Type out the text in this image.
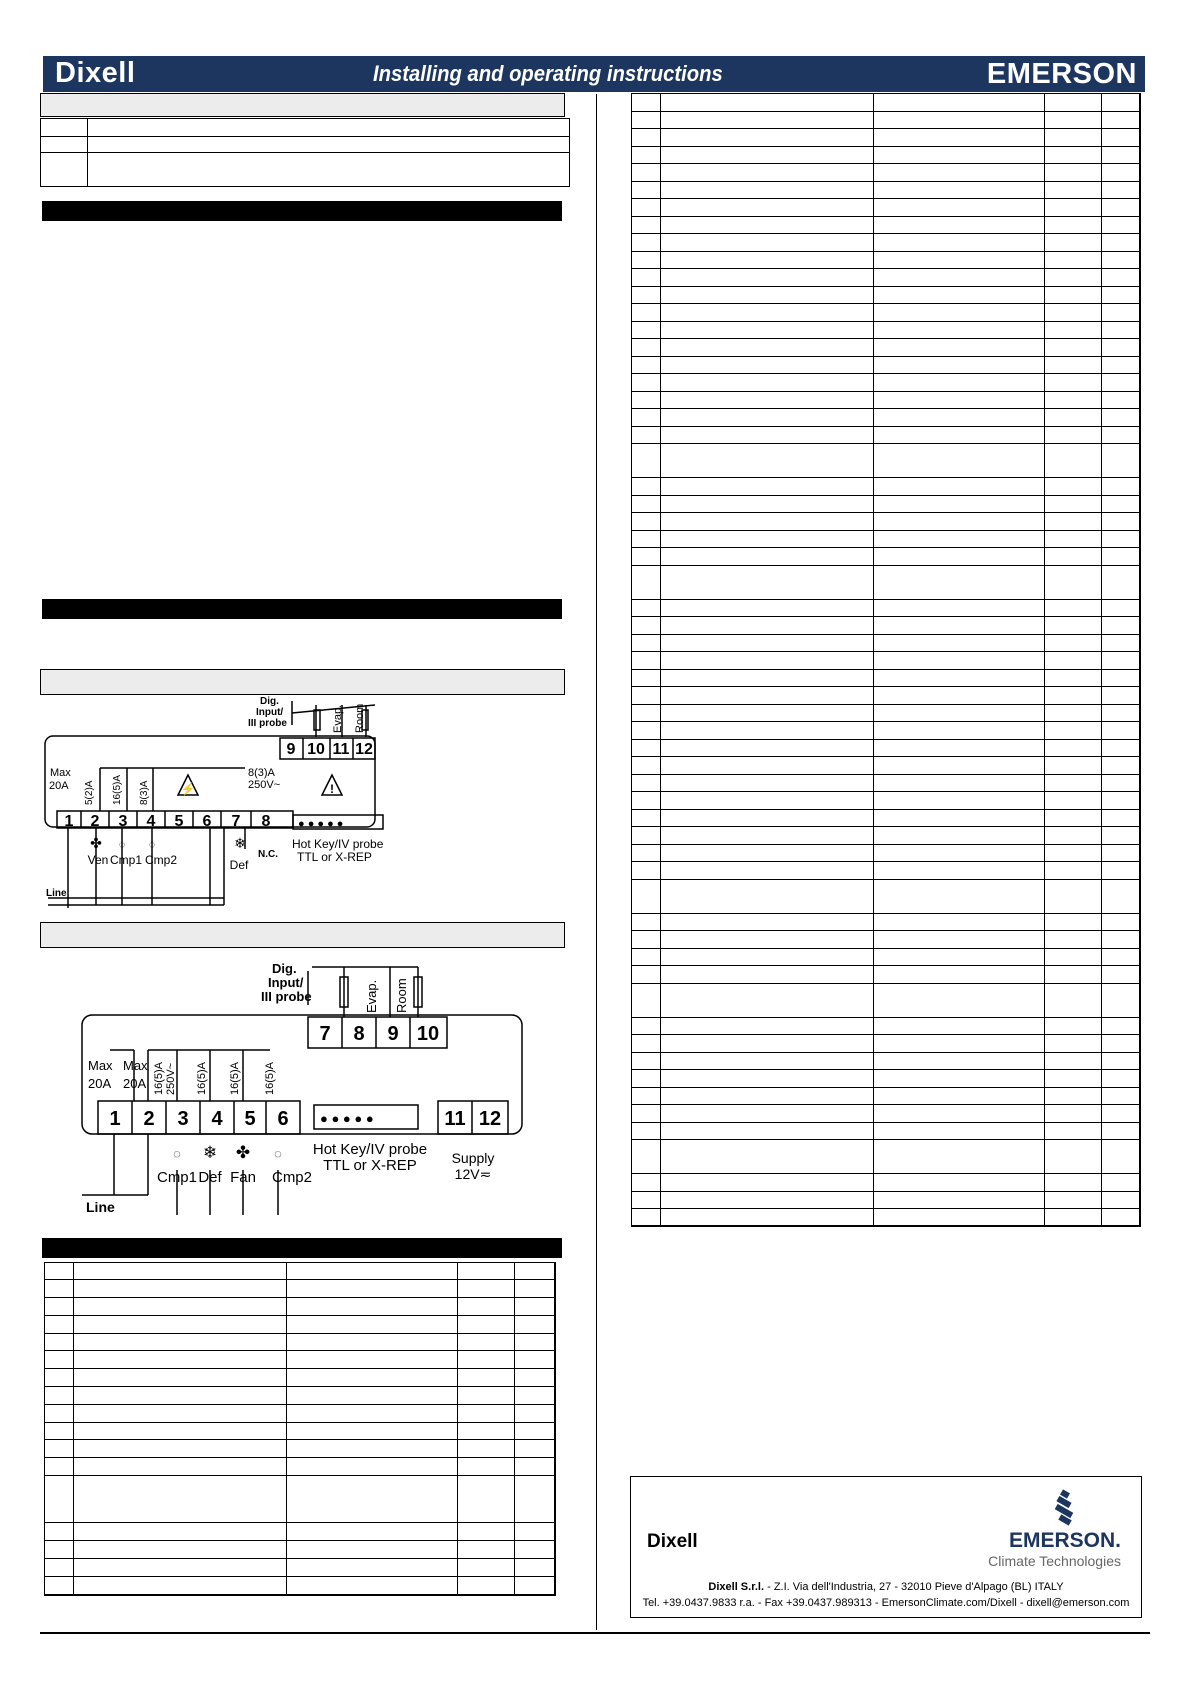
Dixell	Installing and operating instructions	EMERSON

Dig.
Input/
III probe	Evap. Room
9 10 11 12
Max
20A 5(2)A 16(5)A 8(3)A
8(3)A
250V~
⚡	!
1 2 3 4 5 6 7 8	● ● ● ● ●
✤ ◌ ◌	❄
Ven Cmp1 Cmp2	Def
N.C.
Hot Key/IV probe
TTL or X-REP
Line
Dig.
Input/
III probe	Evap. Room
7 8 9 10
Max
20A
Max
20A 16(5)A 250V~ 16(5)A 16(5)A 16(5)A
1 2 3 4 5 6	11 12
● ● ● ● ●
◌ ❄ ✤ ◌
Cmp1 Def Fan Cmp2
Hot Key/IV probe
TTL or X-REP Supply
12V≂
Line

Dixell	EMERSON.
Climate Technologies
Dixell S.r.l. - Z.I. Via dell'Industria, 27 - 32010 Pieve d'Alpago (BL) ITALY
Tel. +39.0437.9833 r.a. - Fax +39.0437.989313 - EmersonClimate.com/Dixell - dixell@emerson.com
